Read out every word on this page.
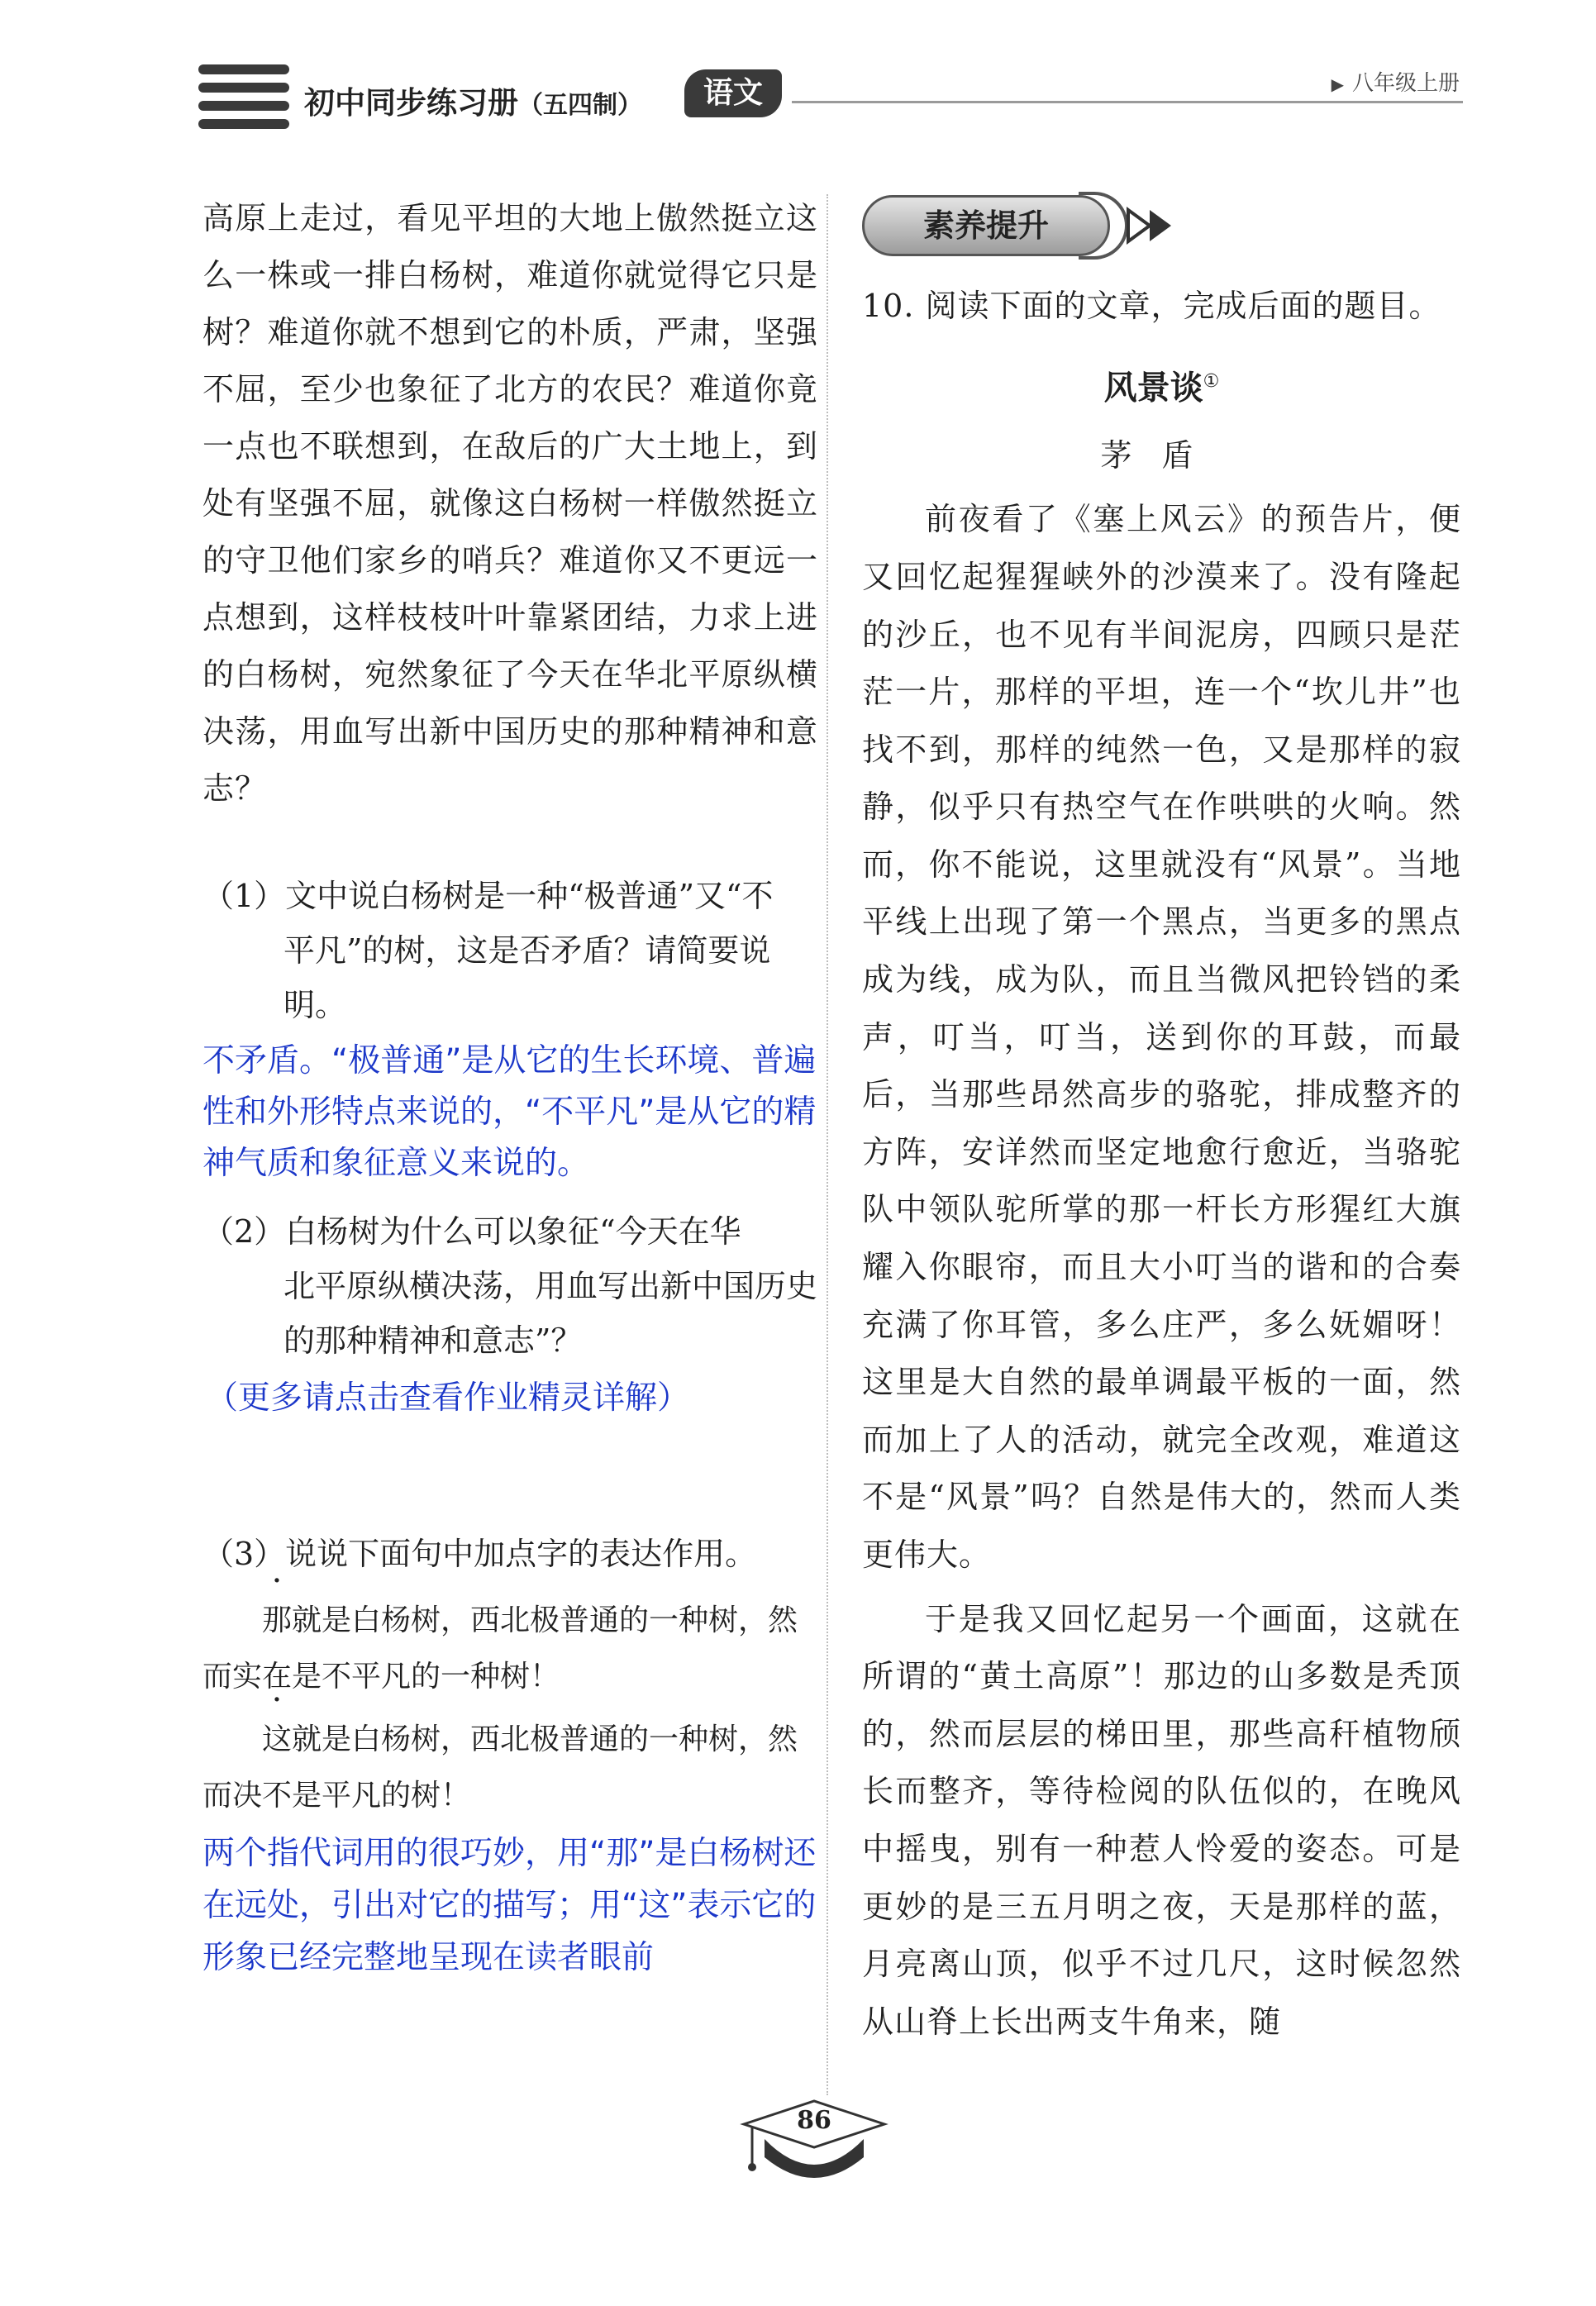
初中同步练习册（五四制）	语文	▶ 八年级上册

高原上走过，看见平坦的大地上傲然挺立这么一株或一排白杨树，难道你就觉得它只是树？难道你就不想到它的朴质，严肃，坚强不屈，至少也象征了北方的农民？难道你竟一点也不联想到，在敌后的广大土地上，到处有坚强不屈，就像这白杨树一样傲然挺立的守卫他们家乡的哨兵？难道你又不更远一点想到，这样枝枝叶叶靠紧团结，力求上进的白杨树，宛然象征了今天在华北平原纵横决荡，用血写出新中国历史的那种精神和意志？

（1）文中说白杨树是一种“极普通”又“不
平凡”的树，这是否矛盾？请简要说明。
不矛盾。“极普通”是从它的生长环境、普遍性和外形特点来说的，“不平凡”是从它的精神气质和象征意义来说的。
（2）白杨树为什么可以象征“今天在华
北平原纵横决荡，用血写出新中国历史的那种精神和意志”？
（更多请点击查看作业精灵详解）
（3）说说下面句中加点字的表达作用。
那就是白杨树，西北极普通的一种树，然而实在是不平凡的一种树！
这就是白杨树，西北极普通的一种树，然而决不是平凡的树！
两个指代词用的很巧妙，用“那”是白杨树还在远处，引出对它的描写；用“这”表示它的形象已经完整地呈现在读者眼前
素养提升
10. 阅读下面的文章，完成后面的题目。
风景谈①
茅盾

前夜看了《塞上风云》的预告片，便又回忆起猩猩峡外的沙漠来了。没有隆起的沙丘，也不见有半间泥房，四顾只是茫茫一片，那样的平坦，连一个“坎儿井”也找不到，那样的纯然一色，又是那样的寂静，似乎只有热空气在作哄哄的火响。然而，你不能说，这里就没有“风景”。当地平线上出现了第一个黑点，当更多的黑点成为线，成为队，而且当微风把铃铛的柔声，叮当，叮当，送到你的耳鼓，而最后，当那些昂然高步的骆驼，排成整齐的方阵，安详然而坚定地愈行愈近，当骆驼队中领队驼所掌的那一杆长方形猩红大旗耀入你眼帘，而且大小叮当的谐和的合奏充满了你耳管，多么庄严，多么妩媚呀！这里是大自然的最单调最平板的一面，然而加上了人的活动，就完全改观，难道这不是“风景”吗？自然是伟大的，然而人类更伟大。

于是我又回忆起另一个画面，这就在所谓的“黄土高原”！那边的山多数是秃顶的，然而层层的梯田里，那些高秆植物颀长而整齐，等待检阅的队伍似的，在晚风中摇曳，别有一种惹人怜爱的姿态。可是更妙的是三五月明之夜，天是那样的蓝，月亮离山顶，似乎不过几尺，这时候忽然从山脊上长出两支牛角来，随

86
